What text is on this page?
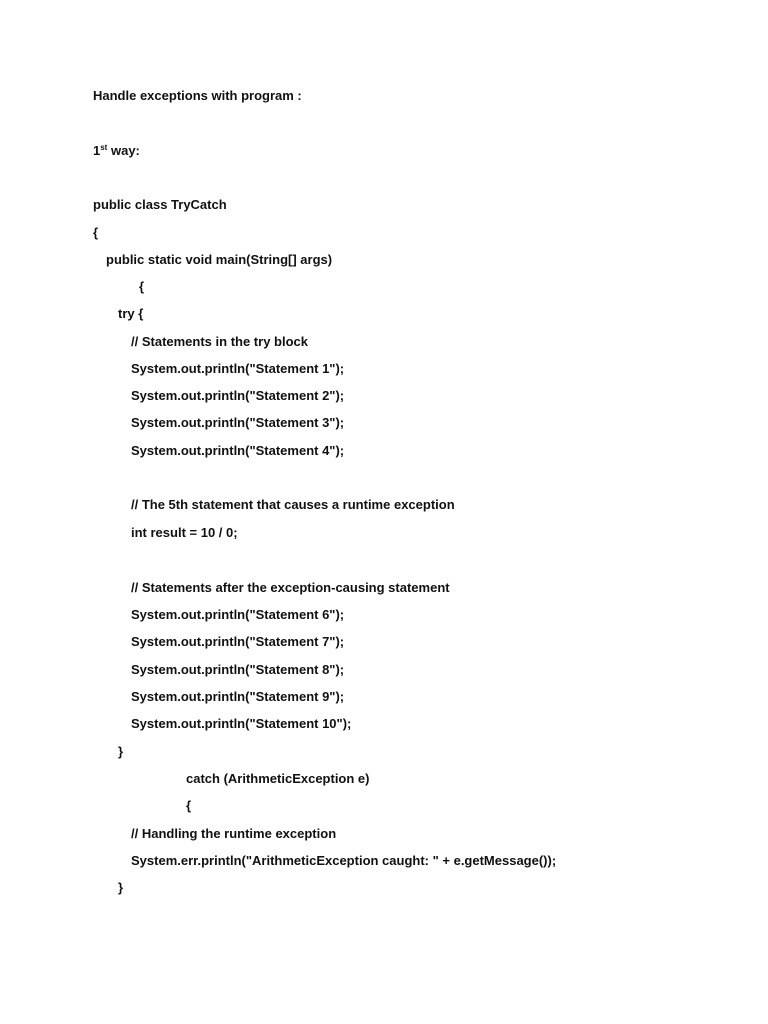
Handle exceptions with program :

1st way:

public class TryCatch

{

public static void main(String[] args)

{

try {

// Statements in the try block

System.out.println("Statement 1");

System.out.println("Statement 2");

System.out.println("Statement 3");

System.out.println("Statement 4");

// The 5th statement that causes a runtime exception

int result = 10 / 0;

// Statements after the exception-causing statement

System.out.println("Statement 6");

System.out.println("Statement 7");

System.out.println("Statement 8");

System.out.println("Statement 9");

System.out.println("Statement 10");

}

catch (ArithmeticException e)

{

// Handling the runtime exception

System.err.println("ArithmeticException caught: " + e.getMessage());

}
